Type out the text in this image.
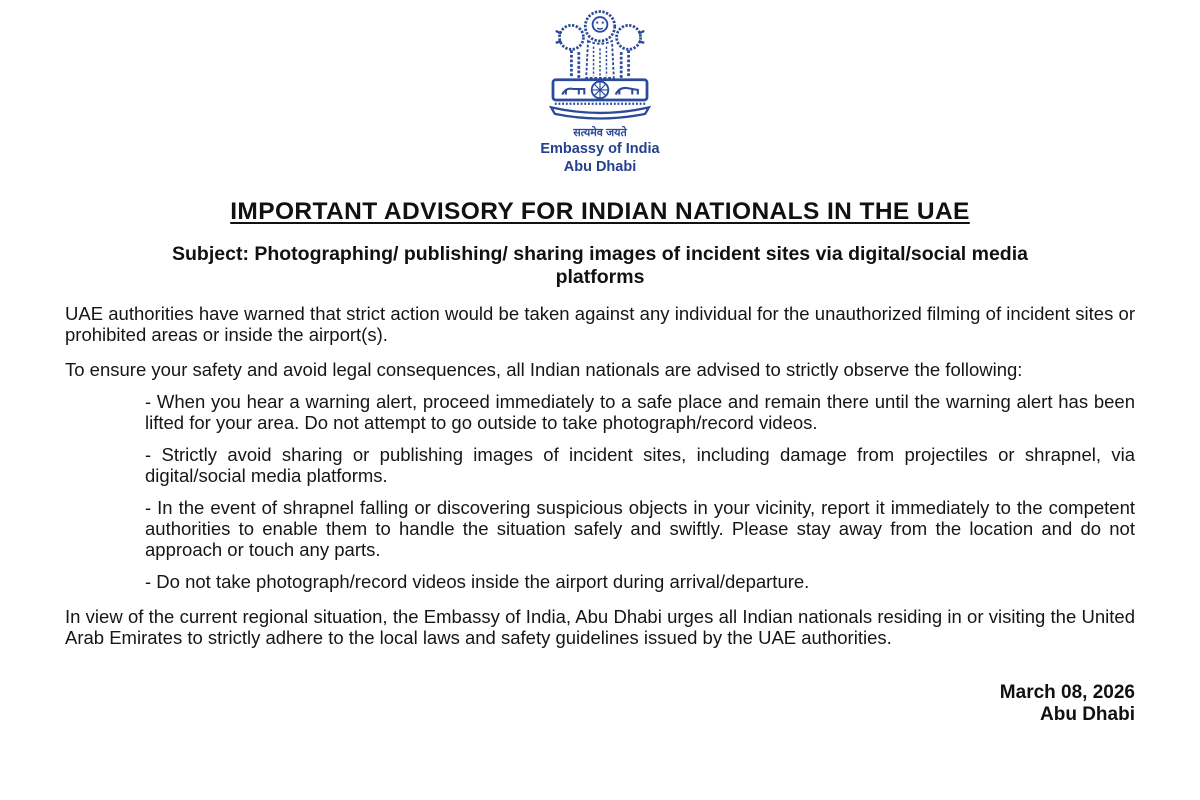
सत्यमेव जयते
Embassy of India
Abu Dhabi
IMPORTANT ADVISORY FOR INDIAN NATIONALS IN THE UAE
Subject: Photographing/ publishing/ sharing images of incident sites via digital/social media platforms

UAE authorities have warned that strict action would be taken against any individual for the unauthorized filming of incident sites or prohibited areas or inside the airport(s).

To ensure your safety and avoid legal consequences, all Indian nationals are advised to strictly observe the following:

- When you hear a warning alert, proceed immediately to a safe place and remain there until the warning alert has been lifted for your area. Do not attempt to go outside to take photograph/record videos.
- Strictly avoid sharing or publishing images of incident sites, including damage from projectiles or shrapnel, via digital/social media platforms.
- In the event of shrapnel falling or discovering suspicious objects in your vicinity, report it immediately to the competent authorities to enable them to handle the situation safely and swiftly. Please stay away from the location and do not approach or touch any parts.
- Do not take photograph/record videos inside the airport during arrival/departure.

In view of the current regional situation, the Embassy of India, Abu Dhabi urges all Indian nationals residing in or visiting the United Arab Emirates to strictly adhere to the local laws and safety guidelines issued by the UAE authorities.

March 08, 2026
Abu Dhabi
